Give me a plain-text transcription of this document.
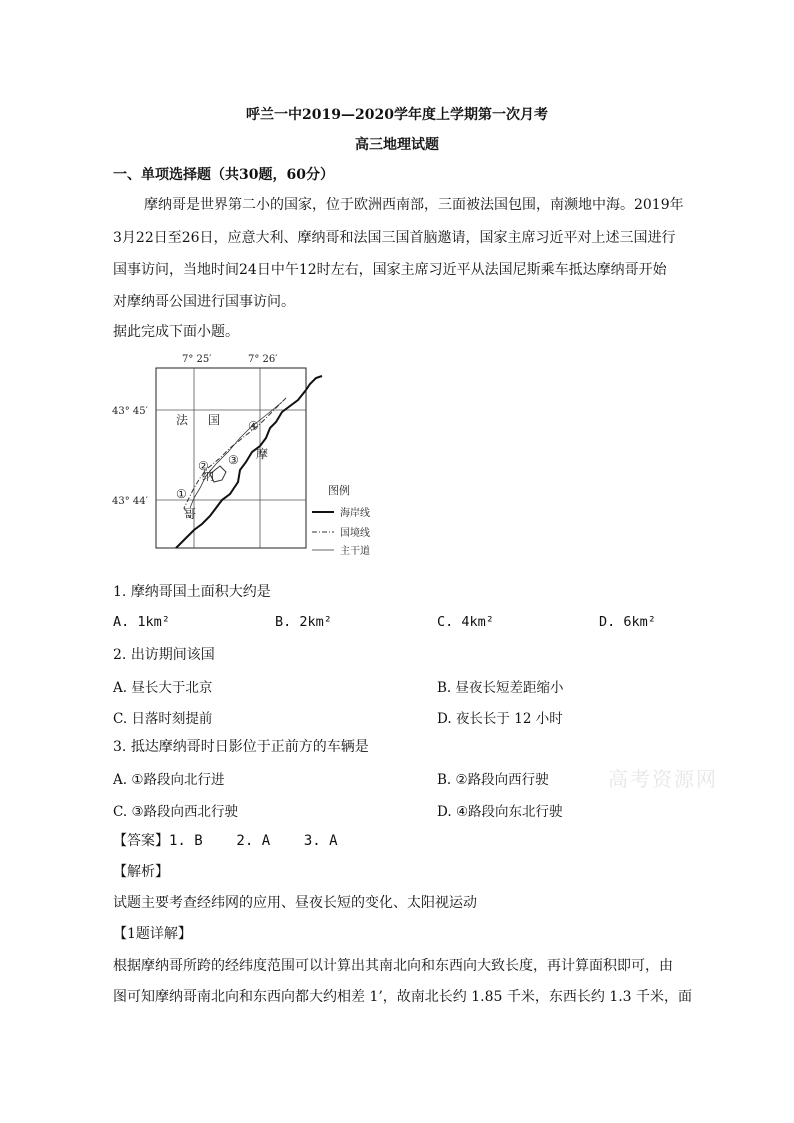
呼兰一中2019—2020学年度上学期第一次月考
高三地理试题
一、单项选择题（共30题，60分）
摩纳哥是世界第二小的国家，位于欧洲西南部，三面被法国包围，南濒地中海。2019年
3月22日至26日，应意大利、摩纳哥和法国三国首脑邀请，国家主席习近平对上述三国进行
国事访问，当地时间24日中午12时左右，国家主席习近平从法国尼斯乘车抵达摩纳哥开始
对摩纳哥公国进行国事访问。
据此完成下面小题。
7° 25′	7° 26′
43° 45′
43° 44′
法 国
摩
纳
哥
①
② ③
④
图例
海岸线
国境线
主干道
1. 摩纳哥国土面积大约是
A. 1km²	B. 2km²	C. 4km²	D. 6km²
2. 出访期间该国
A. 昼长大于北京	B. 昼夜长短差距缩小
C. 日落时刻提前	D. 夜长长于 12 小时
3. 抵达摩纳哥时日影位于正前方的车辆是
A. ①路段向北行进	B. ②路段向西行驶
C. ③路段向西北行驶	D. ④路段向东北行驶
高考资源网
【答案】1. B    2. A    3. A
【解析】
试题主要考查经纬网的应用、昼夜长短的变化、太阳视运动
【1题详解】
根据摩纳哥所跨的经纬度范围可以计算出其南北向和东西向大致长度，再计算面积即可，由
图可知摩纳哥南北向和东西向都大约相差 1’，故南北长约 1.85 千米，东西长约 1.3 千米，面
